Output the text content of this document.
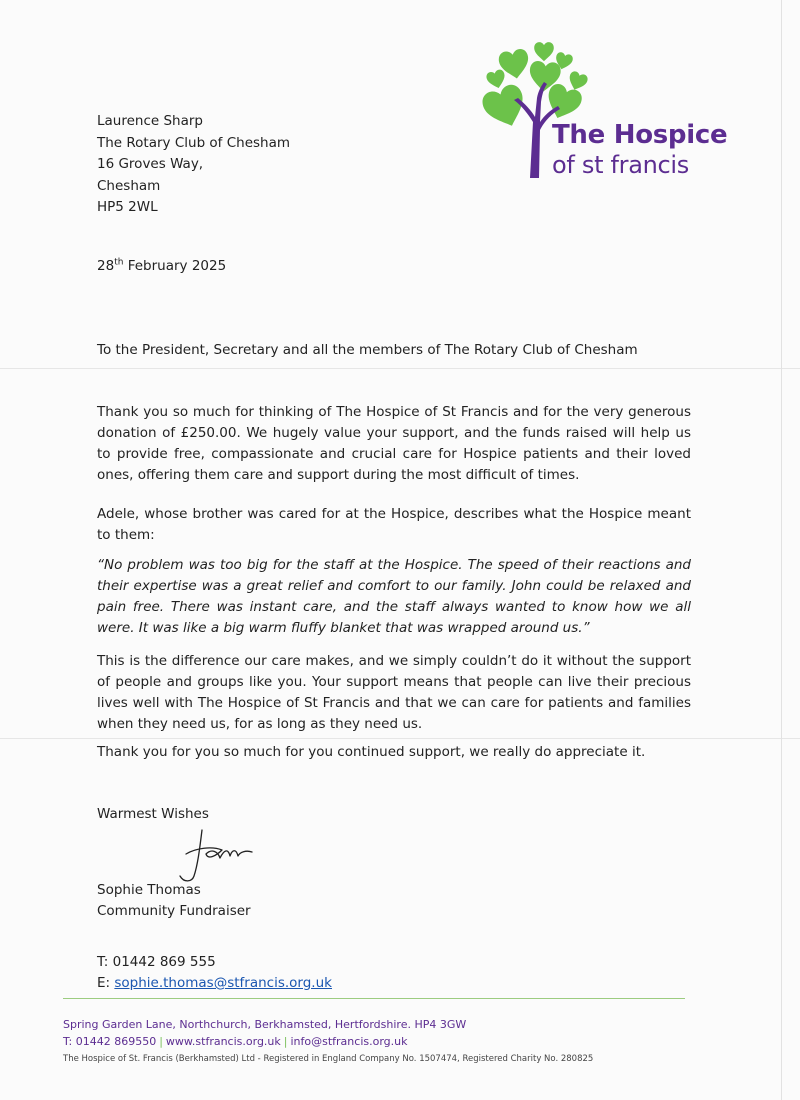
The Hospice
of st francis
Laurence Sharp
The Rotary Club of Chesham
16 Groves Way,
Chesham
HP5 2WL
28th February 2025
To the President, Secretary and all the members of The Rotary Club of Chesham
Thank you so much for thinking of The Hospice of St Francis and for the very generous donation of £250.00. We hugely value your support, and the funds raised will help us to provide free, compassionate and crucial care for Hospice patients and their loved ones, offering them care and support during the most difficult of times.
Adele, whose brother was cared for at the Hospice, describes what the Hospice meant to them:
“No problem was too big for the staff at the Hospice. The speed of their reactions and their expertise was a great relief and comfort to our family. John could be relaxed and pain free. There was instant care, and the staff always wanted to know how we all were. It was like a big warm fluffy blanket that was wrapped around us.”
This is the difference our care makes, and we simply couldn’t do it without the support of people and groups like you. Your support means that people can live their precious lives well with The Hospice of St Francis and that we can care for patients and families when they need us, for as long as they need us.
Thank you for you so much for you continued support, we really do appreciate it.
Warmest Wishes
Sophie Thomas
Community Fundraiser
T: 01442 869 555
E: sophie.thomas@stfrancis.org.uk
Spring Garden Lane, Northchurch, Berkhamsted, Hertfordshire. HP4 3GW
T: 01442 869550 | www.stfrancis.org.uk | info@stfrancis.org.uk
The Hospice of St. Francis (Berkhamsted) Ltd - Registered in England Company No. 1507474, Registered Charity No. 280825
